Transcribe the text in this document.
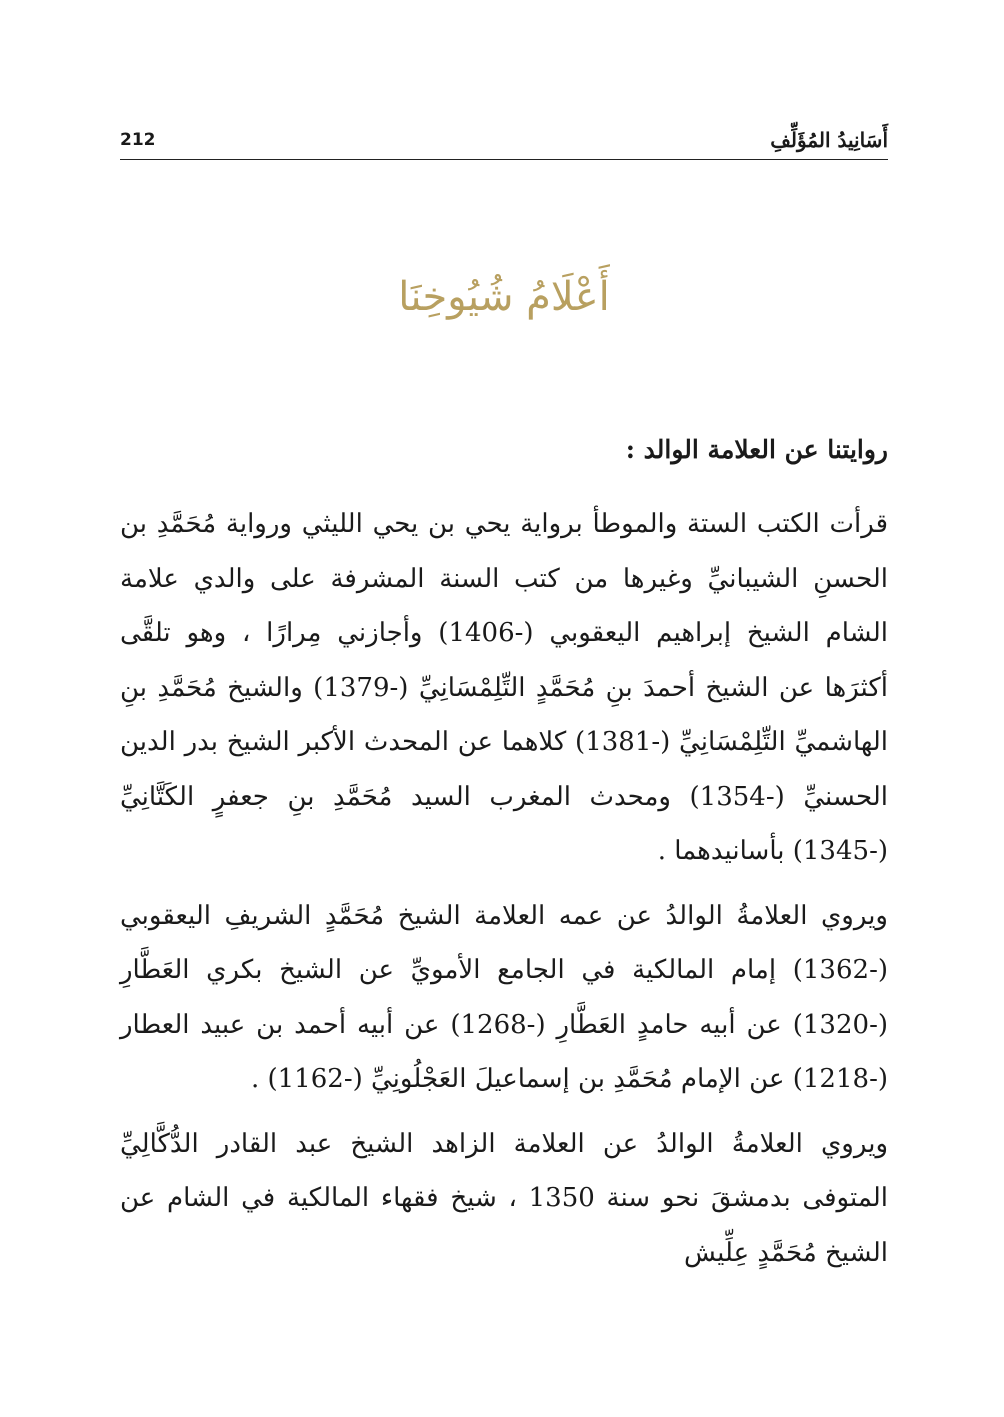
212	أَسَانِيدُ المُؤَلِّفِ
أَعْلَامُ شُيُوخِنَا

روايتنا عن العلامة الوالد :

قرأت الكتب الستة والموطأ برواية يحي بن يحي الليثي ورواية مُحَمَّدِ بن الحسنِ الشيبانيِّ وغيرها من كتب السنة المشرفة على والدي علامة الشام الشيخ إبراهيم اليعقوبي (-1406) وأجازني مِرارًا ، وهو تلقَّى أكثرَها عن الشيخ أحمدَ بنِ مُحَمَّدٍ التِّلِمْسَانِيِّ (-1379) والشيخ مُحَمَّدِ بنِ الهاشميِّ التِّلِمْسَانِيِّ (-1381) كلاهما عن المحدث الأكبر الشيخ بدر الدين الحسنيِّ (-1354) ومحدث المغرب السيد مُحَمَّدِ بنِ جعفرٍ الكَتَّانِيِّ (-1345) بأسانيدهما .

ويروي العلامةُ الوالدُ عن عمه العلامة الشيخ مُحَمَّدٍ الشريفِ اليعقوبي (-1362) إمام المالكية في الجامع الأمويِّ عن الشيخ بكري العَطَّارِ (-1320) عن أبيه حامدٍ العَطَّارِ (-1268) عن أبيه أحمد بن عبيد العطار (-1218) عن الإمام مُحَمَّدِ بن إسماعيلَ العَجْلُونِيِّ (-1162) .

ويروي العلامةُ الوالدُ عن العلامة الزاهد الشيخ عبد القادر الدُّكَّالِيِّ المتوفى بدمشقَ نحو سنة 1350 ، شيخ فقهاء المالكية في الشام عن الشيخ مُحَمَّدٍ عِلِّيش
